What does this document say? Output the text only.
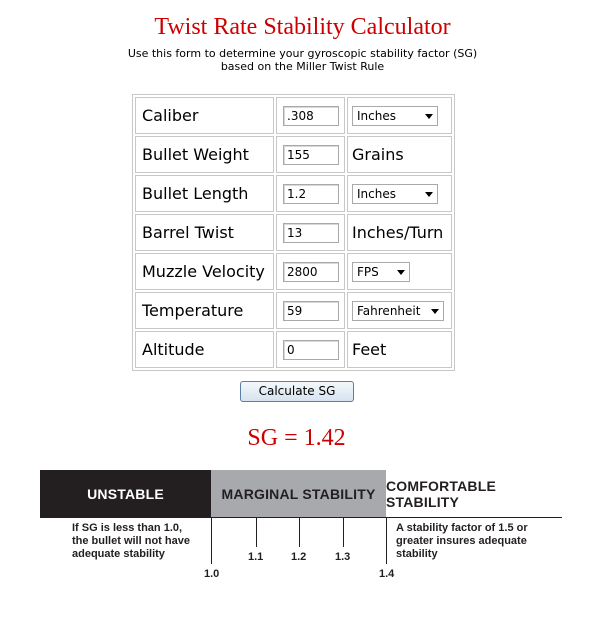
Twist Rate Stability Calculator
Use this form to determine your gyroscopic stability factor (SG)
based on the Miller Twist Rule
Caliber	.308	Inches

Bullet Weight	155	Grains
Bullet Length	1.2	Inches

Barrel Twist	13	Inches/Turn
Muzzle Velocity	2800	FPS

Temperature	59	Fahrenheit

Altitude	0	Feet
Calculate SG
SG = 1.42
UNSTABLE	MARGINAL STABILITY COMFORTABLE STABILITY
If SG is less than 1.0,
the bullet will not have
adequate stability
A stability factor of 1.5 or
greater insures adequate
stability
1.0
1.1	1.2	1.3
1.4
